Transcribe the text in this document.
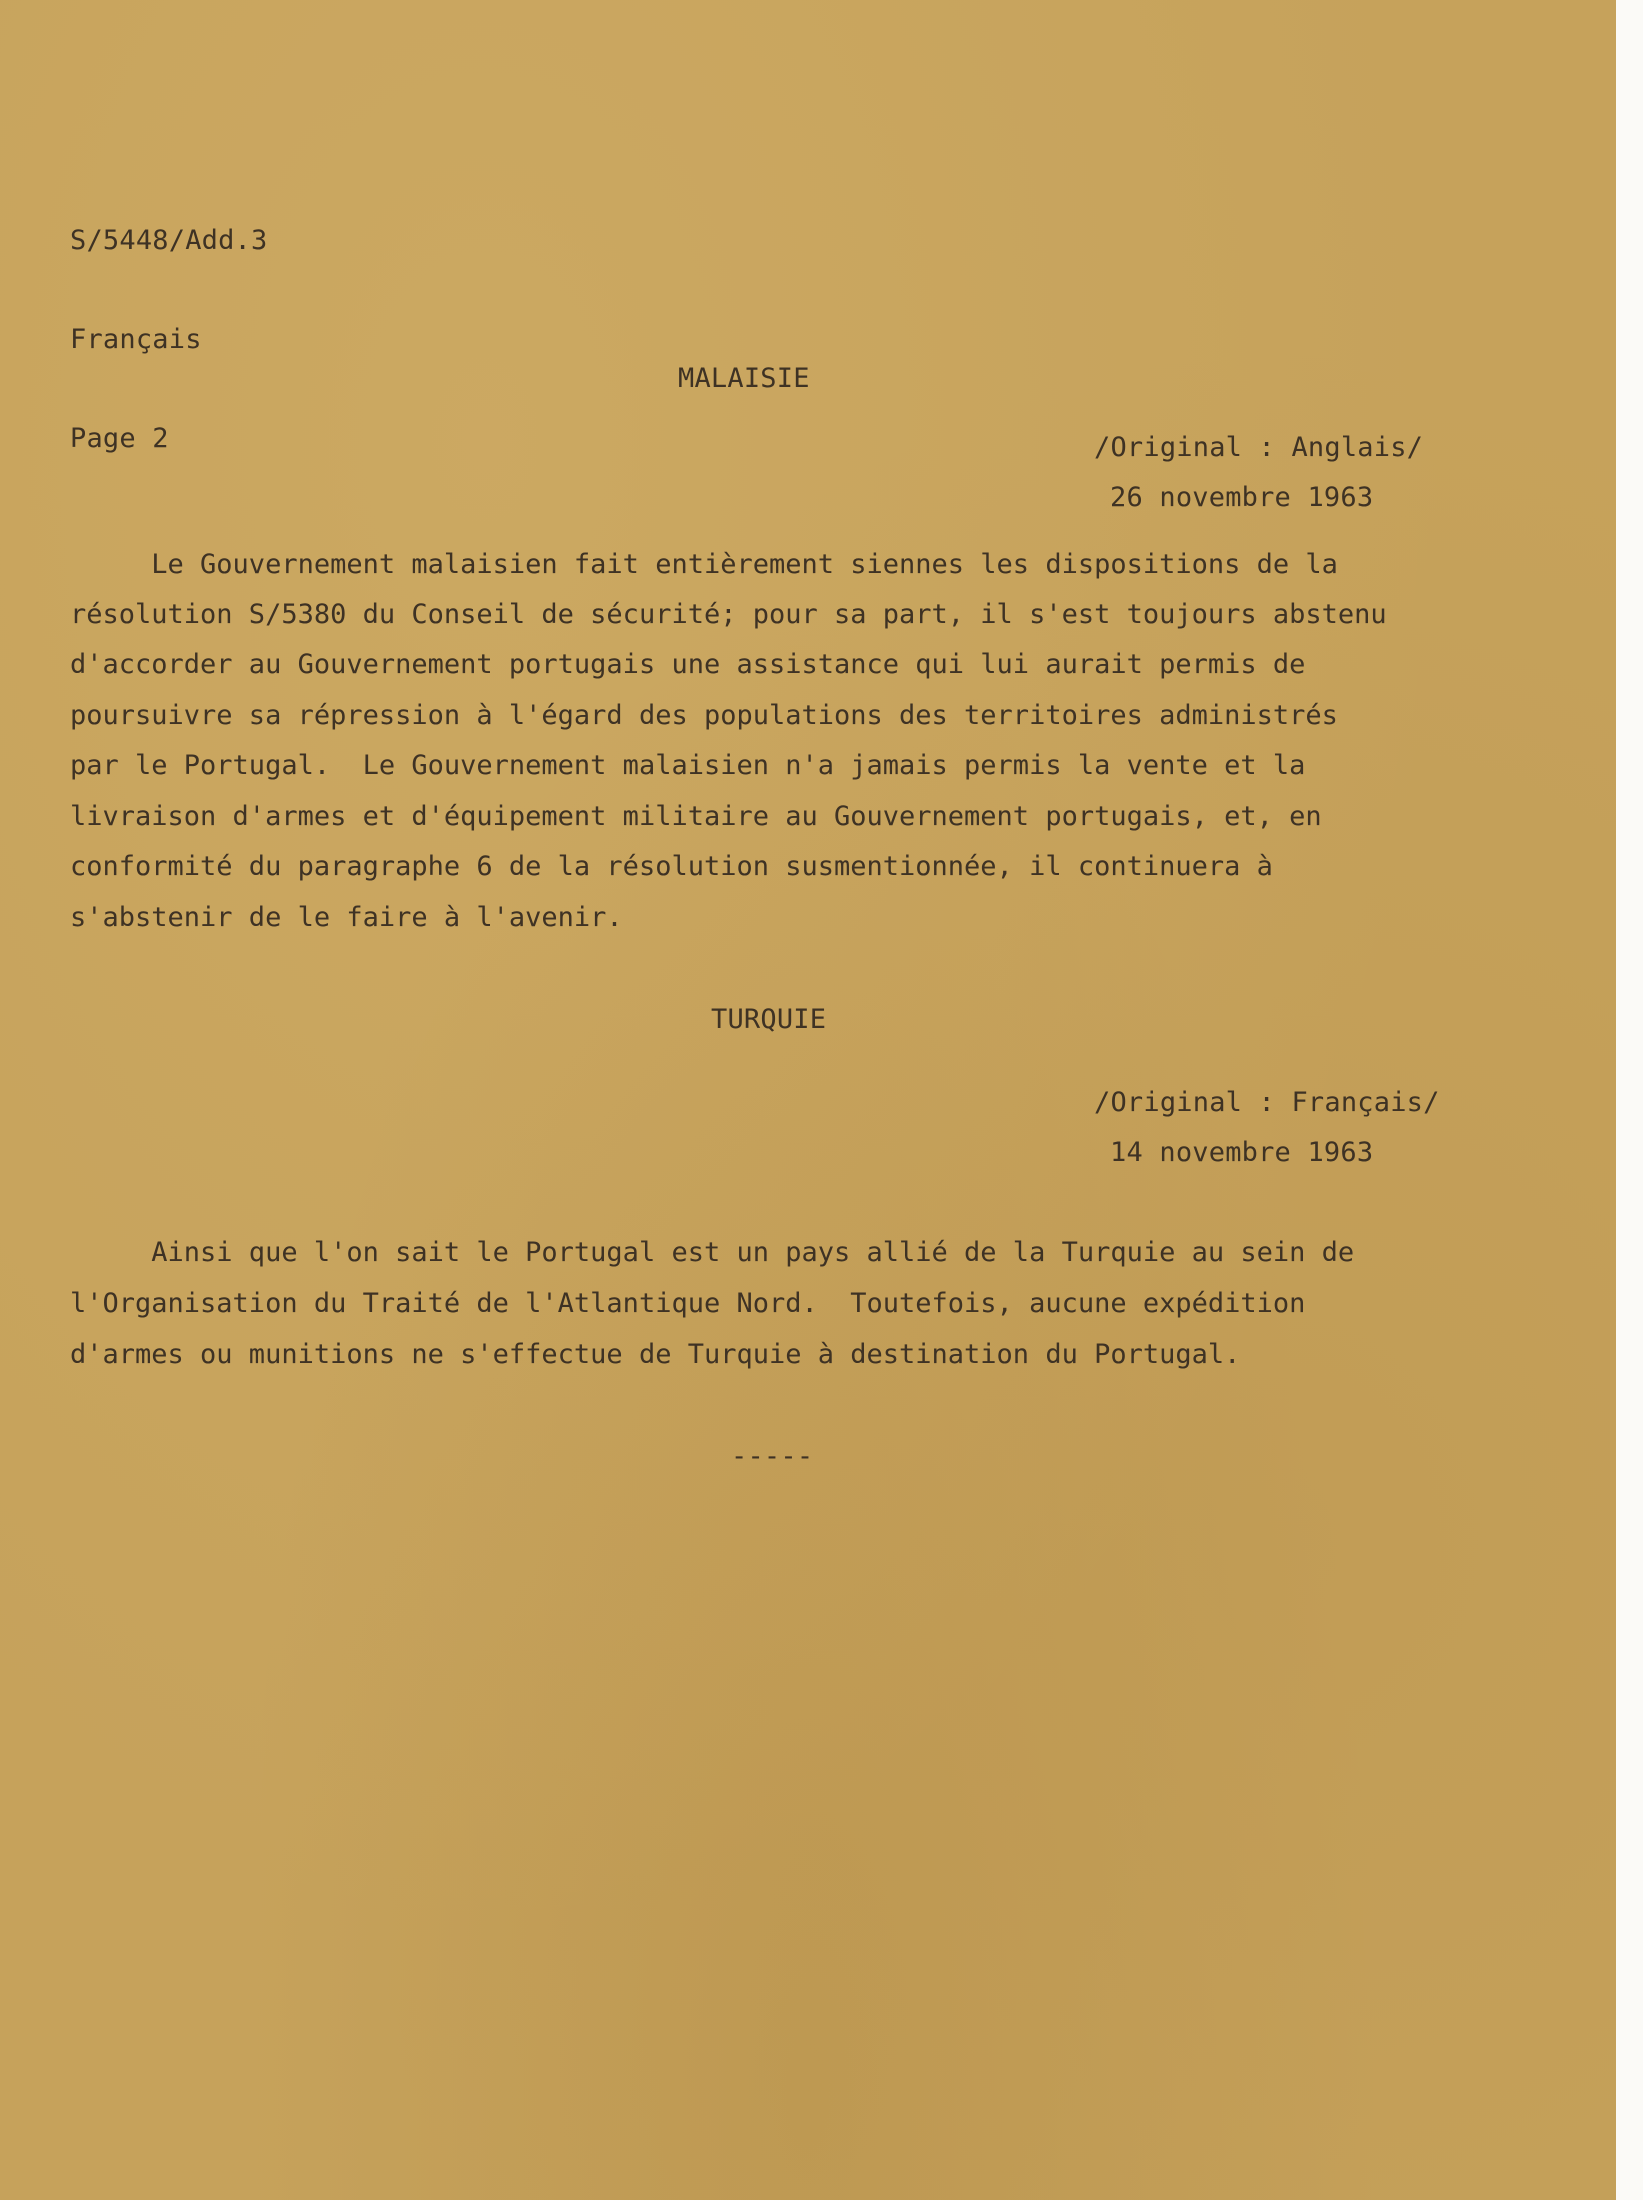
S/5448/Add.3

Français

Page 2

MALAISIE
/Original : Anglais/
26 novembre 1963
Le Gouvernement malaisien fait entièrement siennes les dispositions de la
résolution S/5380 du Conseil de sécurité; pour sa part, il s'est toujours abstenu
d'accorder au Gouvernement portugais une assistance qui lui aurait permis de
poursuivre sa répression à l'égard des populations des territoires administrés
par le Portugal.  Le Gouvernement malaisien n'a jamais permis la vente et la
livraison d'armes et d'équipement militaire au Gouvernement portugais, et, en
conformité du paragraphe 6 de la résolution susmentionnée, il continuera à
s'abstenir de le faire à l'avenir.
TURQUIE
/Original : Français/
14 novembre 1963
Ainsi que l'on sait le Portugal est un pays allié de la Turquie au sein de
l'Organisation du Traité de l'Atlantique Nord.  Toutefois, aucune expédition
d'armes ou munitions ne s'effectue de Turquie à destination du Portugal.
-----
